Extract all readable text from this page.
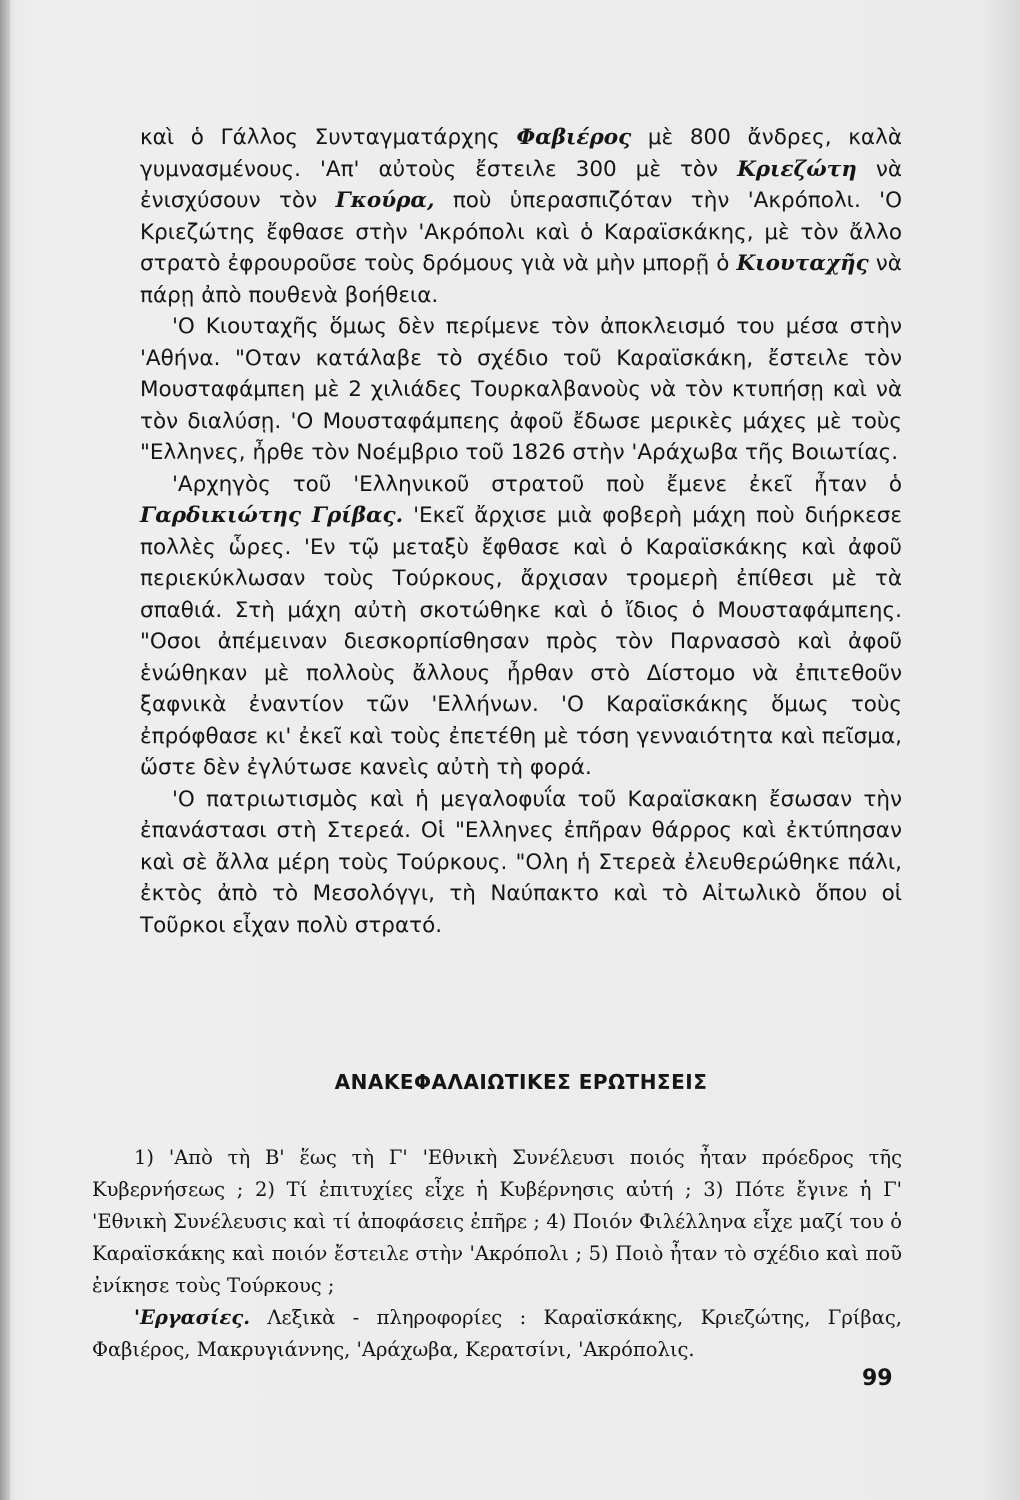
καὶ ὁ Γάλλος Συνταγματάρχης Φαβιέρος μὲ 800 ἄνδρες, καλὰ γυμνασμένους. 'Απ' αὐτοὺς ἔστειλε 300 μὲ τὸν Κριεζώτη νὰ ἐνισχύσουν τὸν Γκούρα, ποὺ ὑπερασπιζόταν τὴν 'Ακρόπολι. 'Ο Κριεζώτης ἔφθασε στὴν 'Ακρόπολι καὶ ὁ Καραϊσκάκης, μὲ τὸν ἄλλο στρατὸ ἐφρουροῦσε τοὺς δρόμους γιὰ νὰ μὴν μπορῇ ὁ Κιουταχῆς νὰ πάρῃ ἀπὸ πουθενὰ βοήθεια.

'Ο Κιουταχῆς ὅμως δὲν περίμενε τὸν ἀποκλεισμό του μέσα στὴν 'Αθήνα. "Οταν κατάλαβε τὸ σχέδιο τοῦ Καραϊσκάκη, ἔστειλε τὸν Μουσταφάμπεη μὲ 2 χιλιάδες Τουρκαλβανοὺς νὰ τὸν κτυπήσῃ καὶ νὰ τὸν διαλύσῃ. 'Ο Μουσταφάμπεης ἀφοῦ ἔδωσε μερικὲς μάχες μὲ τοὺς "Ελληνες, ἦρθε τὸν Νοέμβριο τοῦ 1826 στὴν 'Αράχωβα τῆς Βοιωτίας.

'Αρχηγὸς τοῦ 'Ελληνικοῦ στρατοῦ ποὺ ἔμενε ἐκεῖ ἦταν ὁ Γαρδικιώτης Γρίβας. 'Εκεῖ ἄρχισε μιὰ φοβερὴ μάχη ποὺ διήρκεσε πολλὲς ὧρες. 'Εν τῷ μεταξὺ ἔφθασε καὶ ὁ Καραϊσκάκης καὶ ἀφοῦ περιεκύκλωσαν τοὺς Τούρκους, ἄρχισαν τρομερὴ ἐπίθεσι μὲ τὰ σπαθιά. Στὴ μάχη αὐτὴ σκοτώθηκε καὶ ὁ ἴδιος ὁ Μουσταφάμπεης. "Οσοι ἀπέμειναν διεσκορπίσθησαν πρὸς τὸν Παρνασσὸ καὶ ἀφοῦ ἑνώθηκαν μὲ πολλοὺς ἄλλους ἦρθαν στὸ Δίστομο νὰ ἐπιτεθοῦν ξαφνικὰ ἐναντίον τῶν 'Ελλήνων. 'Ο Καραϊσκάκης ὅμως τοὺς ἐπρόφθασε κι' ἐκεῖ καὶ τοὺς ἐπετέθη μὲ τόση γενναιότητα καὶ πεῖσμα, ὥστε δὲν ἐγλύτωσε κανεὶς αὐτὴ τὴ φορά.

'Ο πατριωτισμὸς καὶ ἡ μεγαλοφυΐα τοῦ Καραϊσκακη ἔσωσαν τὴν ἐπανάστασι στὴ Στερεά. Οἱ "Ελληνες ἐπῆραν θάρρος καὶ ἐκτύπησαν καὶ σὲ ἄλλα μέρη τοὺς Τούρκους. "Ολη ἡ Στερεὰ ἐλευθερώθηκε πάλι, ἐκτὸς ἀπὸ τὸ Μεσολόγγι, τὴ Ναύπακτο καὶ τὸ Αἰτωλικὸ ὅπου οἱ Τοῦρκοι εἶχαν πολὺ στρατό.

ΑΝΑΚΕΦΑΛΑΙΩΤΙΚΕΣ ΕΡΩΤΗΣΕΙΣ

1) 'Απὸ τὴ Β' ἕως τὴ Γ' 'Εθνικὴ Συνέλευσι ποιός ἦταν πρόεδρος τῆς Κυβερνήσεως ; 2) Τί ἐπιτυχίες εἶχε ἡ Κυβέρνησις αὐτή ; 3) Πότε ἔγινε ἡ Γ' 'Εθνικὴ Συνέλευσις καὶ τί ἀποφάσεις ἐπῆρε ; 4) Ποιόν Φιλέλληνα εἶχε μαζί του ὁ Καραϊσκάκης καὶ ποιόν ἔστειλε στὴν 'Ακρόπολι ; 5) Ποιὸ ἦταν τὸ σχέδιο καὶ ποῦ ἐνίκησε τοὺς Τούρκους ;

'Εργασίες. Λεξικὰ - πληροφορίες : Καραϊσκάκης, Κριεζώτης, Γρίβας, Φαβιέρος, Μακρυγιάννης, 'Αράχωβα, Κερατσίνι, 'Ακρόπολις.

99
